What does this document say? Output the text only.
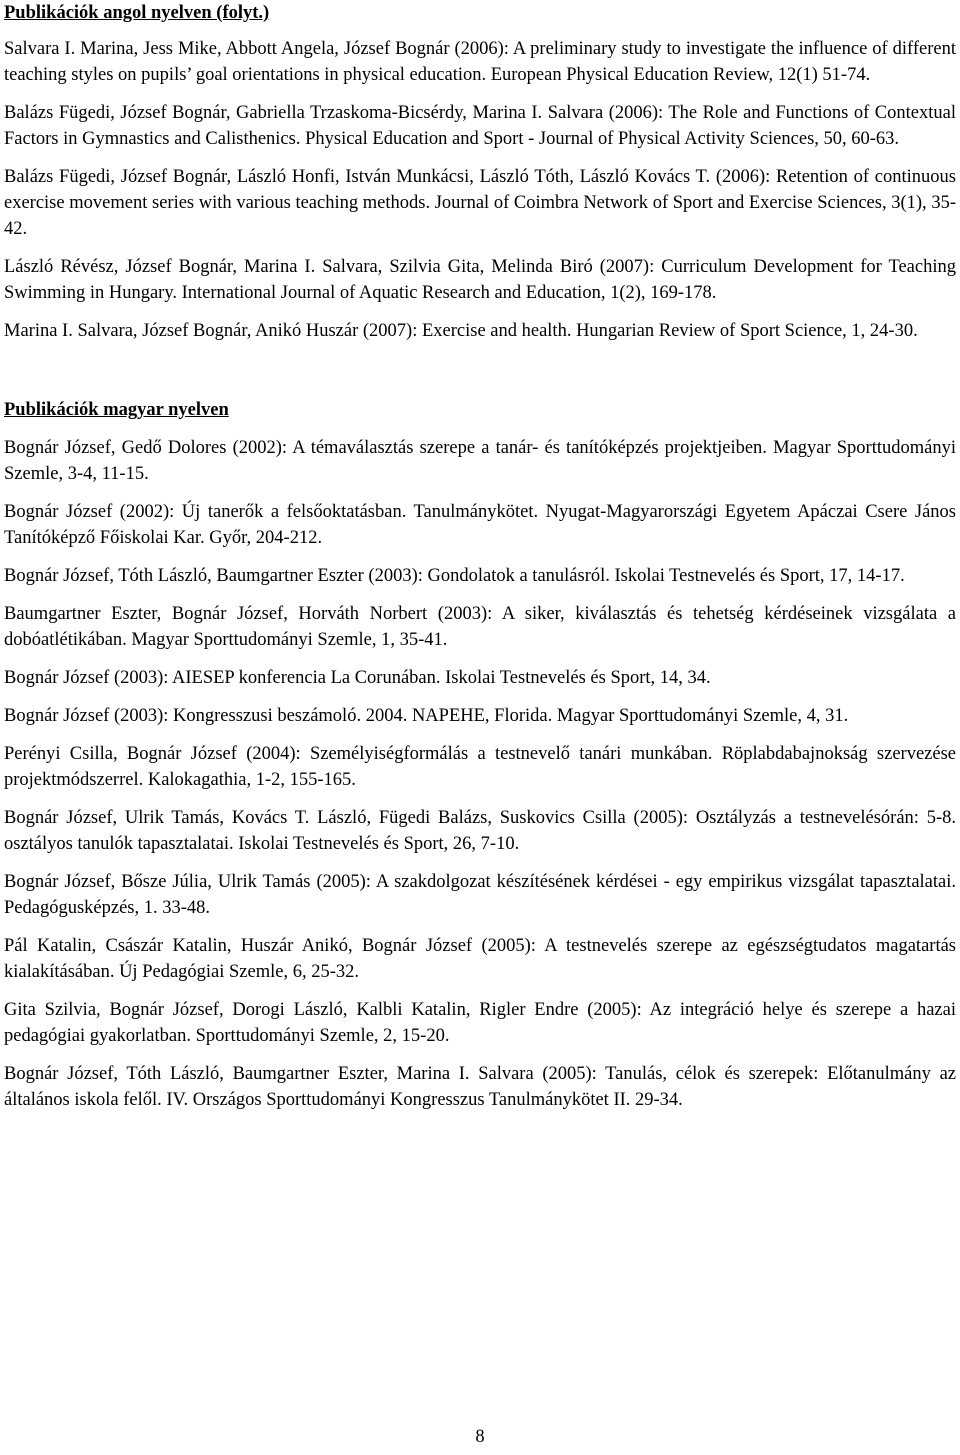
Publikációk angol nyelven (folyt.)

Salvara I. Marina, Jess Mike, Abbott Angela, József Bognár (2006): A preliminary study to investigate the influence of different teaching styles on pupils’ goal orientations in physical education. European Physical Education Review, 12(1) 51-74.

Balázs Fügedi, József Bognár, Gabriella Trzaskoma-Bicsérdy, Marina I. Salvara (2006): The Role and Functions of Contextual Factors in Gymnastics and Calisthenics. Physical Education and Sport - Journal of Physical Activity Sciences, 50, 60-63.

Balázs Fügedi, József Bognár, László Honfi, István Munkácsi, László Tóth, László Kovács T. (2006): Retention of continuous exercise movement series with various teaching methods. Journal of Coimbra Network of Sport and Exercise Sciences, 3(1), 35-42.

László Révész, József Bognár, Marina I. Salvara, Szilvia Gita, Melinda Biró (2007): Curriculum Development for Teaching Swimming in Hungary. International Journal of Aquatic Research and Education, 1(2), 169-178.

Marina I. Salvara, József Bognár, Anikó Huszár (2007): Exercise and health. Hungarian Review of Sport Science, 1, 24-30.

Publikációk magyar nyelven

Bognár József, Gedő Dolores (2002): A témaválasztás szerepe a tanár- és tanítóképzés projektjeiben. Magyar Sporttudományi Szemle, 3-4, 11-15.

Bognár József (2002): Új tanerők a felsőoktatásban. Tanulmánykötet. Nyugat-Magyarországi Egyetem Apáczai Csere János Tanítóképző Főiskolai Kar. Győr, 204-212.

Bognár József, Tóth László, Baumgartner Eszter (2003): Gondolatok a tanulásról. Iskolai Testnevelés és Sport, 17, 14-17.

Baumgartner Eszter, Bognár József, Horváth Norbert (2003): A siker, kiválasztás és tehetség kérdéseinek vizsgálata a dobóatlétikában. Magyar Sporttudományi Szemle, 1, 35-41.

Bognár József (2003): AIESEP konferencia La Corunában. Iskolai Testnevelés és Sport, 14, 34.

Bognár József (2003): Kongresszusi beszámoló. 2004. NAPEHE, Florida. Magyar Sporttudományi Szemle, 4, 31.

Perényi Csilla, Bognár József (2004): Személyiségformálás a testnevelő tanári munkában. Röplabdabajnokság szervezése projektmódszerrel. Kalokagathia, 1-2, 155-165.

Bognár József, Ulrik Tamás, Kovács T. László, Fügedi Balázs, Suskovics Csilla (2005): Osztályzás a testnevelésórán: 5-8. osztályos tanulók tapasztalatai. Iskolai Testnevelés és Sport, 26, 7-10.

Bognár József, Bősze Júlia, Ulrik Tamás (2005): A szakdolgozat készítésének kérdései - egy empirikus vizsgálat tapasztalatai. Pedagógusképzés, 1. 33-48.

Pál Katalin, Császár Katalin, Huszár Anikó, Bognár József (2005): A testnevelés szerepe az egészségtudatos magatartás kialakításában. Új Pedagógiai Szemle, 6, 25-32.

Gita Szilvia, Bognár József, Dorogi László, Kalbli Katalin, Rigler Endre (2005): Az integráció helye és szerepe a hazai pedagógiai gyakorlatban. Sporttudományi Szemle, 2, 15-20.

Bognár József, Tóth László, Baumgartner Eszter, Marina I. Salvara (2005): Tanulás, célok és szerepek: Előtanulmány az általános iskola felől. IV. Országos Sporttudományi Kongresszus Tanulmánykötet II. 29-34.

8
